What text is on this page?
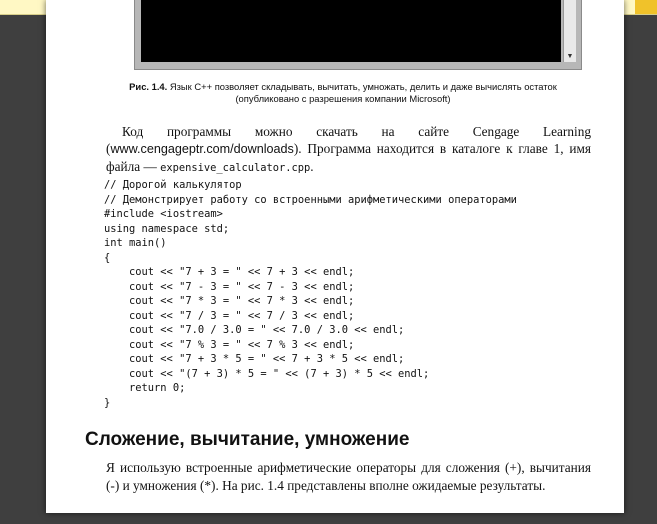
▼
Рис. 1.4. Язык С++ позволяет складывать, вычитать, умножать, делить и даже вычислять остаток (опубликовано с разрешения компании Microsoft)
Код программы можно скачать на сайте Cengage Learning (www.cengageptr.com/downloads). Программа находится в каталоге к главе 1, имя файла — expensive_calculator.cpp.
// Дорогой калькулятор
// Демонстрирует работу со встроенными арифметическими операторами
#include <iostream>
using namespace std;
int main()
{
cout << "7 + 3 = " << 7 + 3 << endl;
cout << "7 - 3 = " << 7 - 3 << endl;
cout << "7 * 3 = " << 7 * 3 << endl;
cout << "7 / 3 = " << 7 / 3 << endl;
cout << "7.0 / 3.0 = " << 7.0 / 3.0 << endl;
cout << "7 % 3 = " << 7 % 3 << endl;
cout << "7 + 3 * 5 = " << 7 + 3 * 5 << endl;
cout << "(7 + 3) * 5 = " << (7 + 3) * 5 << endl;
return 0;
}
Сложение, вычитание, умножение
Я использую встроенные арифметические операторы для сложения (+), вычитания (-) и умножения (*). На рис. 1.4 представлены вполне ожидаемые результаты.
